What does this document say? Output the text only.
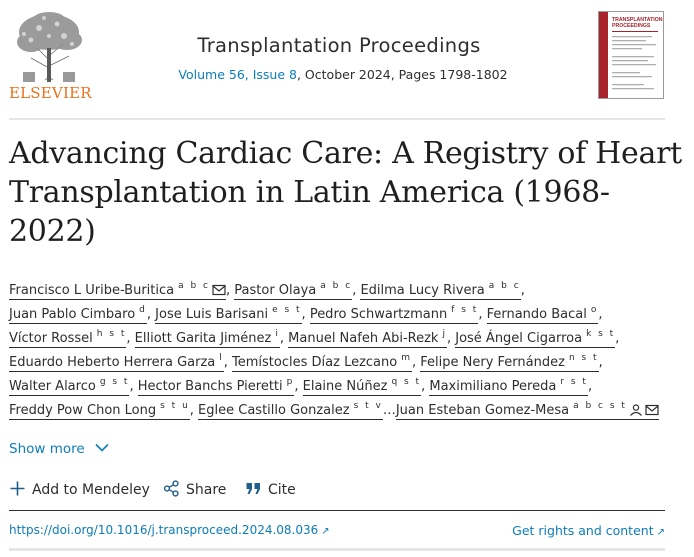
ELSEVIER
Transplantation Proceedings
Volume 56, Issue 8, October 2024, Pages 1798-1802
TRANSPLANTATION
PROCEEDINGS
Advancing Cardiac Care: A Registry of Heart Transplantation in Latin America (1968-2022)
Francisco L Uribe-Buritica $^{a b c}$ , Pastor Olaya $^{a b c}$, Edilma Lucy Rivera $^{a b c}$,
Juan Pablo Cimbaro $^d$, Jose Luis Barisani $^{e s t}$, Pedro Schwartzmann $^{f s t}$, Fernando Bacal $^o$,
Víctor Rossel $^{h s t}$, Elliott Garita Jiménez $^i$, Manuel Nafeh Abi-Rezk $^j$, José Ángel Cigarroa $^{k s t}$,
Eduardo Heberto Herrera Garza $^l$, Temístocles Díaz Lezcano $^m$, Felipe Nery Fernández $^{n s t}$,
Walter Alarco $^{g s t}$, Hector Banchs Pieretti $^p$, Elaine Núñez $^{q s t}$, Maximiliano Pereda $^{r s t}$,
Freddy Pow Chon Long $^{s t u}$, Eglee Castillo Gonzalez $^{s t v}$…Juan Esteban Gomez-Mesa $^{a b c s t}$
Show more
Add to Mendeley	Share	Cite
https://doi.org/10.1016/j.transproceed.2024.08.036 ↗	Get rights and content ↗
